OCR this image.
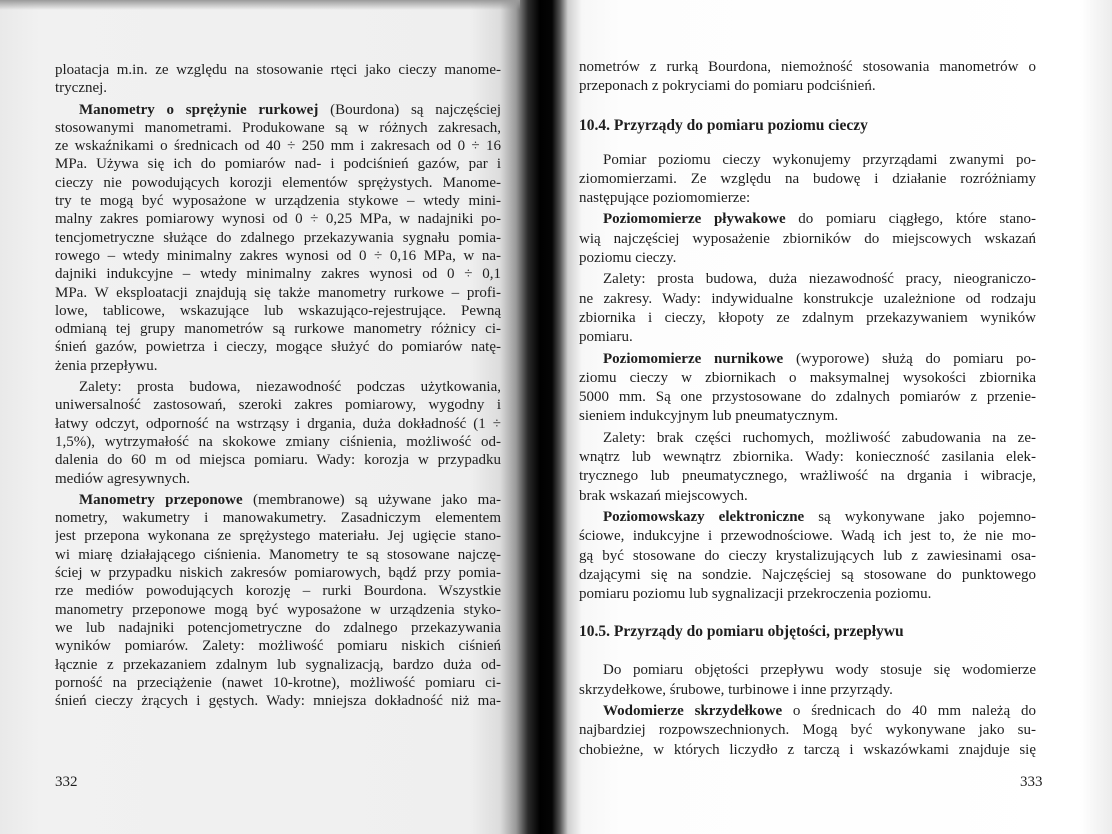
ploatacja m.in. ze względu na stosowanie rtęci jako cieczy manome-
trycznej.
Manometry o sprężynie rurkowej (Bourdona) są najczęściej
stosowanymi manometrami. Produkowane są w różnych zakresach,
ze wskaźnikami o średnicach od 40 ÷ 250 mm i zakresach od 0 ÷ 16
MPa. Używa się ich do pomiarów nad- i podciśnień gazów, par i
cieczy nie powodujących korozji elementów sprężystych. Manome-
try te mogą być wyposażone w urządzenia stykowe – wtedy mini-
malny zakres pomiarowy wynosi od 0 ÷ 0,25 MPa, w nadajniki po-
tencjometryczne służące do zdalnego przekazywania sygnału pomia-
rowego – wtedy minimalny zakres wynosi od 0 ÷ 0,16 MPa, w na-
dajniki indukcyjne – wtedy minimalny zakres wynosi od 0 ÷ 0,1
MPa. W eksploatacji znajdują się także manometry rurkowe – profi-
lowe, tablicowe, wskazujące lub wskazująco-rejestrujące. Pewną
odmianą tej grupy manometrów są rurkowe manometry różnicy ci-
śnień gazów, powietrza i cieczy, mogące służyć do pomiarów natę-
żenia przepływu.
Zalety: prosta budowa, niezawodność podczas użytkowania,
uniwersalność zastosowań, szeroki zakres pomiarowy, wygodny i
łatwy odczyt, odporność na wstrząsy i drgania, duża dokładność (1 ÷
1,5%), wytrzymałość na skokowe zmiany ciśnienia, możliwość od-
dalenia do 60 m od miejsca pomiaru. Wady: korozja w przypadku
mediów agresywnych.
Manometry przeponowe (membranowe) są używane jako ma-
nometry, wakumetry i manowakumetry. Zasadniczym elementem
jest przepona wykonana ze sprężystego materiału. Jej ugięcie stano-
wi miarę działającego ciśnienia. Manometry te są stosowane najczę-
ściej w przypadku niskich zakresów pomiarowych, bądź przy pomia-
rze mediów powodujących korozję – rurki Bourdona. Wszystkie
manometry przeponowe mogą być wyposażone w urządzenia styko-
we lub nadajniki potencjometryczne do zdalnego przekazywania
wyników pomiarów. Zalety: możliwość pomiaru niskich ciśnień
łącznie z przekazaniem zdalnym lub sygnalizacją, bardzo duża od-
porność na przeciążenie (nawet 10-krotne), możliwość pomiaru ci-
śnień cieczy żrących i gęstych. Wady: mniejsza dokładność niż ma-
nometrów z rurką Bourdona, niemożność stosowania manometrów o
przeponach z pokryciami do pomiaru podciśnień.
10.4. Przyrządy do pomiaru poziomu cieczy
Pomiar poziomu cieczy wykonujemy przyrządami zwanymi po-
ziomomierzami. Ze względu na budowę i działanie rozróżniamy
następujące poziomomierze:
Poziomomierze pływakowe do pomiaru ciągłego, które stano-
wią najczęściej wyposażenie zbiorników do miejscowych wskazań
poziomu cieczy.
Zalety: prosta budowa, duża niezawodność pracy, nieograniczo-
ne zakresy. Wady: indywidualne konstrukcje uzależnione od rodzaju
zbiornika i cieczy, kłopoty ze zdalnym przekazywaniem wyników
pomiaru.
Poziomomierze nurnikowe (wyporowe) służą do pomiaru po-
ziomu cieczy w zbiornikach o maksymalnej wysokości zbiornika
5000 mm. Są one przystosowane do zdalnych pomiarów z przenie-
sieniem indukcyjnym lub pneumatycznym.
Zalety: brak części ruchomych, możliwość zabudowania na ze-
wnątrz lub wewnątrz zbiornika. Wady: konieczność zasilania elek-
trycznego lub pneumatycznego, wrażliwość na drgania i wibracje,
brak wskazań miejscowych.
Poziomowskazy elektroniczne są wykonywane jako pojemno-
ściowe, indukcyjne i przewodnościowe. Wadą ich jest to, że nie mo-
gą być stosowane do cieczy krystalizujących lub z zawiesinami osa-
dzającymi się na sondzie. Najczęściej są stosowane do punktowego
pomiaru poziomu lub sygnalizacji przekroczenia poziomu.
10.5. Przyrządy do pomiaru objętości, przepływu
Do pomiaru objętości przepływu wody stosuje się wodomierze
skrzydełkowe, śrubowe, turbinowe i inne przyrządy.
Wodomierze skrzydełkowe o średnicach do 40 mm należą do
najbardziej rozpowszechnionych. Mogą być wykonywane jako su-
chobieżne, w których liczydło z tarczą i wskazówkami znajduje się
332	333
